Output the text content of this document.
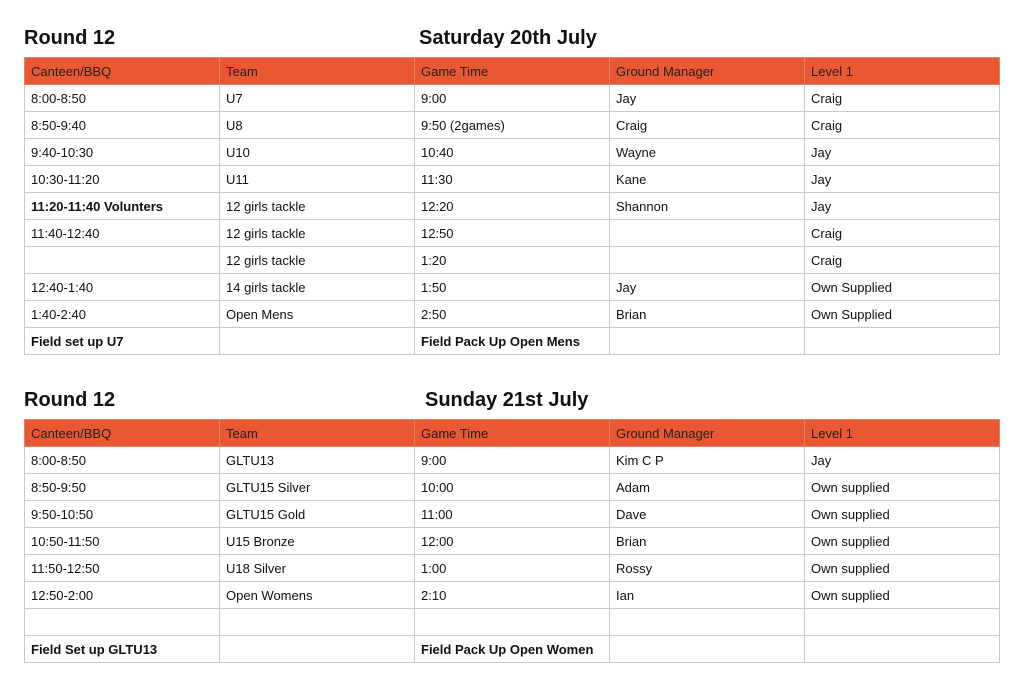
Round 12	Saturday 20th July
Canteen/BBQ	Team	Game Time	Ground Manager	Level 1
8:00-8:50	U7	9:00	Jay	Craig
8:50-9:40	U8	9:50 (2games)	Craig	Craig
9:40-10:30	U10	10:40	Wayne	Jay
10:30-11:20	U11	11:30	Kane	Jay
11:20-11:40 Volunters	12 girls tackle	12:20	Shannon	Jay
11:40-12:40	12 girls tackle	12:50		Craig
	12 girls tackle	1:20		Craig
12:40-1:40	14 girls tackle	1:50	Jay	Own Supplied
1:40-2:40	Open Mens	2:50	Brian	Own Supplied
Field set up U7		Field Pack Up Open Mens		
Round 12	Sunday 21st July
Canteen/BBQ	Team	Game Time	Ground Manager	Level 1
8:00-8:50	GLTU13	9:00	Kim C P	Jay
8:50-9:50	GLTU15 Silver	10:00	Adam	Own supplied
9:50-10:50	GLTU15 Gold	11:00	Dave	Own supplied
10:50-11:50	U15 Bronze	12:00	Brian	Own supplied
11:50-12:50	U18 Silver	1:00	Rossy	Own supplied
12:50-2:00	Open Womens	2:10	Ian	Own supplied

Field Set up GLTU13		Field Pack Up Open Women		
